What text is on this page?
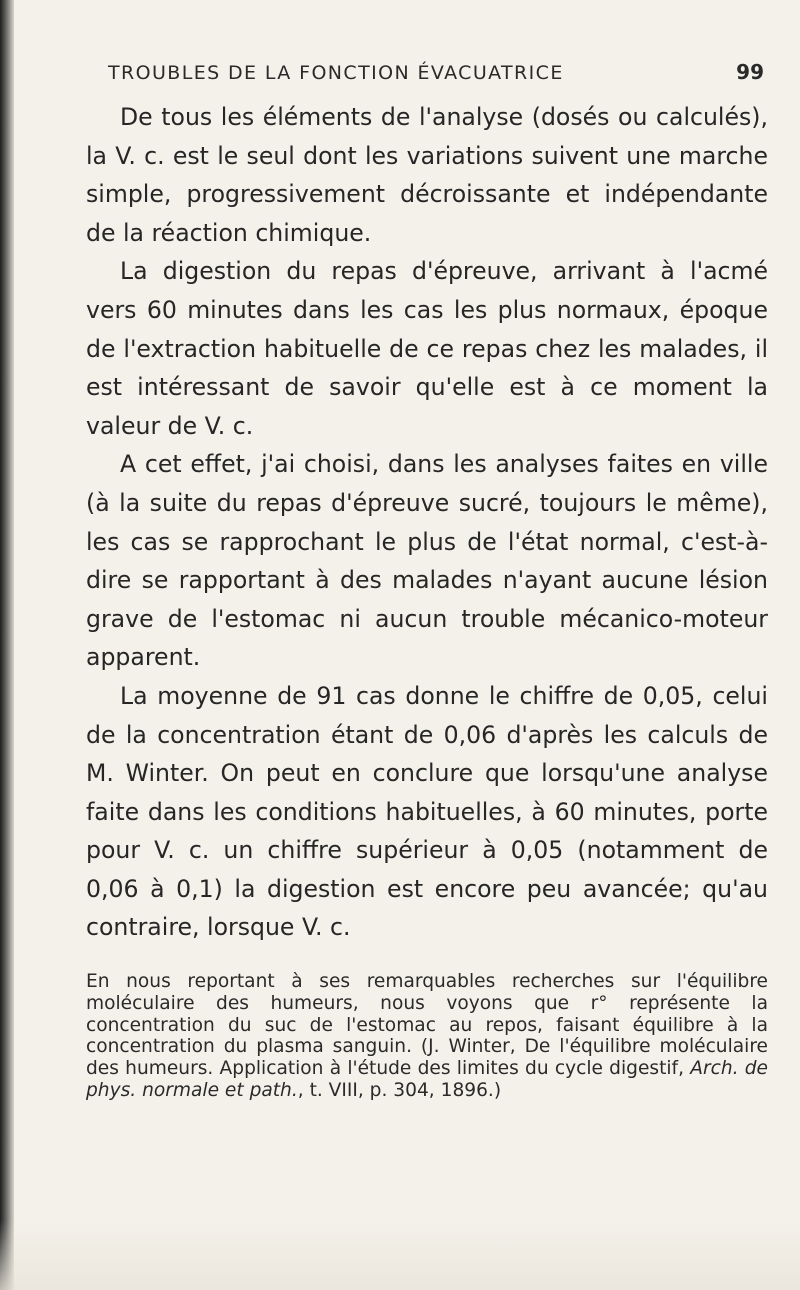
TROUBLES DE LA FONCTION ÉVACUATRICE	99

De tous les éléments de l'analyse (dosés ou calculés), la V. c. est le seul dont les variations suivent une marche simple, progressivement décroissante et indépendante de la réaction chimique.

La digestion du repas d'épreuve, arrivant à l'acmé vers 60 minutes dans les cas les plus normaux, époque de l'extraction habituelle de ce repas chez les malades, il est intéressant de savoir qu'elle est à ce moment la valeur de V. c.

A cet effet, j'ai choisi, dans les analyses faites en ville (à la suite du repas d'épreuve sucré, toujours le même), les cas se rapprochant le plus de l'état normal, c'est-à-dire se rapportant à des malades n'ayant aucune lésion grave de l'estomac ni aucun trouble mécanico-moteur apparent.

La moyenne de 91 cas donne le chiffre de 0,05, celui de la concentration étant de 0,06 d'après les calculs de M. Winter. On peut en conclure que lorsqu'une analyse faite dans les conditions habituelles, à 60 minutes, porte pour V. c. un chiffre supérieur à 0,05 (notamment de 0,06 à 0,1) la digestion est encore peu avancée; qu'au contraire, lorsque V. c.

En nous reportant à ses remarquables recherches sur l'équilibre moléculaire des humeurs, nous voyons que r° représente la concentration du suc de l'estomac au repos, faisant équilibre à la concentration du plasma sanguin. (J. Winter, De l'équilibre moléculaire des humeurs. Application à l'étude des limites du cycle digestif, Arch. de phys. normale et path., t. VIII, p. 304, 1896.)
